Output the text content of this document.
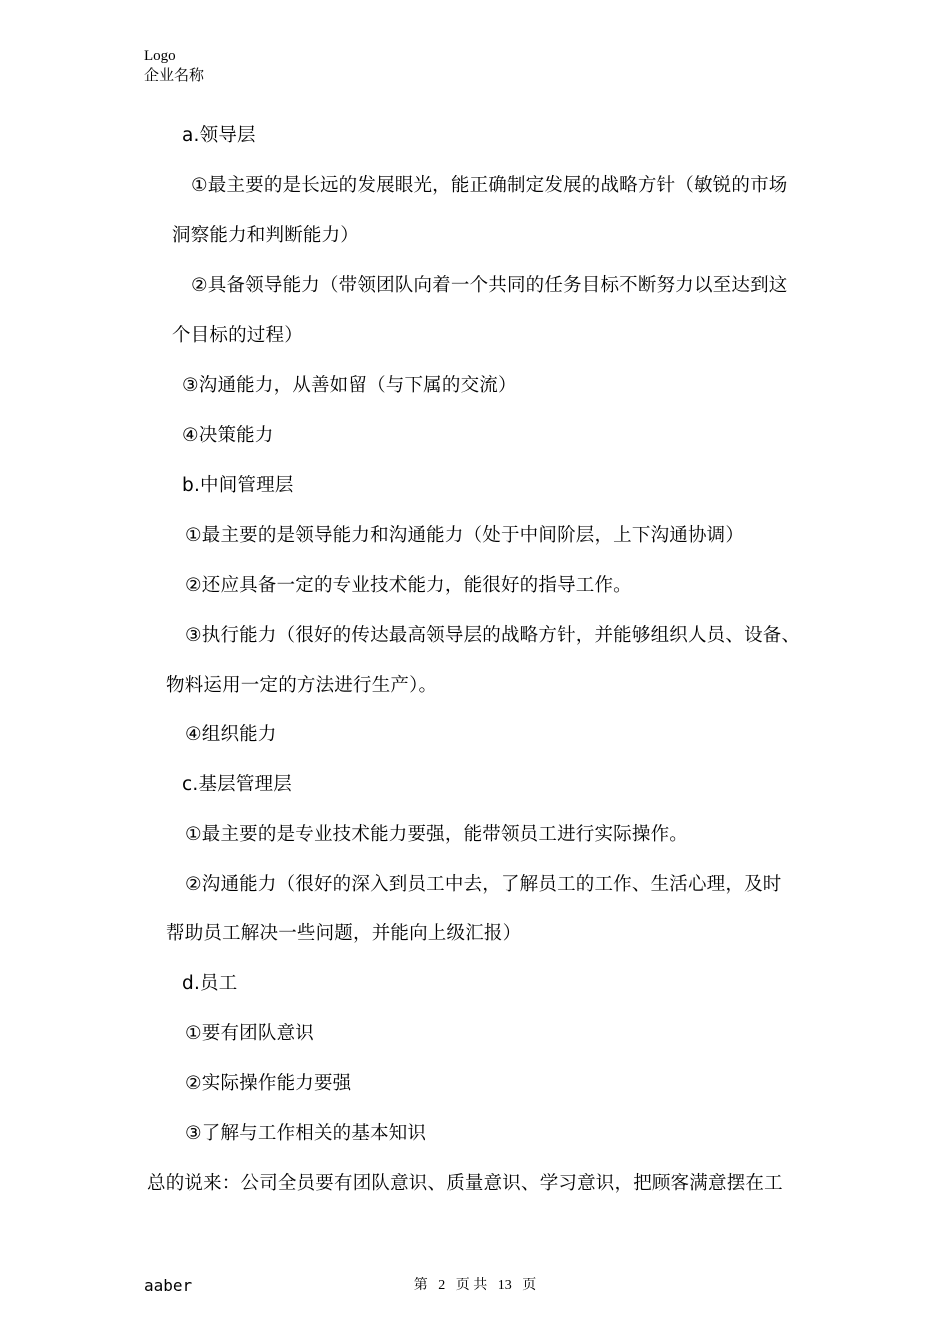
Logo
企业名称
a.领导层
①最主要的是长远的发展眼光，能正确制定发展的战略方针（敏锐的市场
洞察能力和判断能力）
②具备领导能力（带领团队向着一个共同的任务目标不断努力以至达到这
个目标的过程）
③沟通能力，从善如留（与下属的交流）
④决策能力
b.中间管理层
①最主要的是领导能力和沟通能力（处于中间阶层，上下沟通协调）
②还应具备一定的专业技术能力，能很好的指导工作。
③执行能力（很好的传达最高领导层的战略方针，并能够组织人员、设备、
物料运用一定的方法进行生产）。
④组织能力
c.基层管理层
①最主要的是专业技术能力要强，能带领员工进行实际操作。
②沟通能力（很好的深入到员工中去，了解员工的工作、生活心理，及时
帮助员工解决一些问题，并能向上级汇报）
d.员工
①要有团队意识
②实际操作能力要强
③了解与工作相关的基本知识
总的说来：公司全员要有团队意识、质量意识、学习意识，把顾客满意摆在工
aaber	第 2 页 共 13 页
